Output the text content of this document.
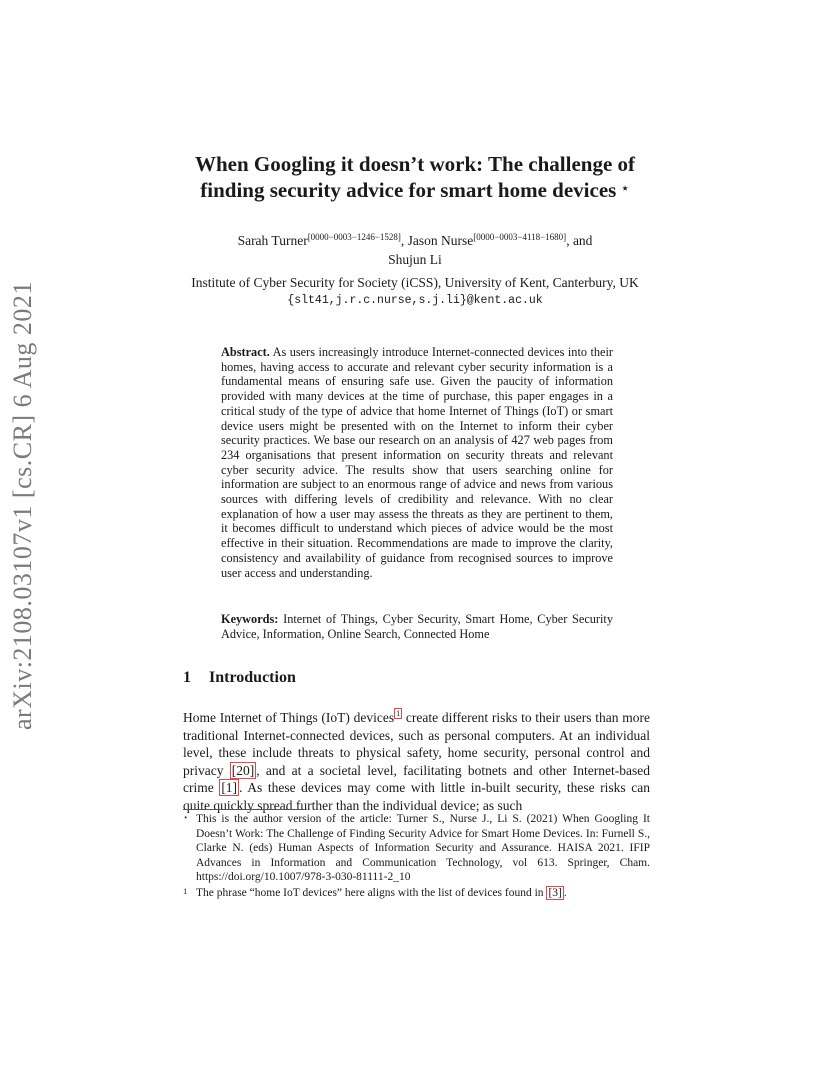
arXiv:2108.03107v1 [cs.CR] 6 Aug 2021
When Googling it doesn’t work: The challenge of
finding security advice for smart home devices ⋆
Sarah Turner[0000−0003−1246−1528], Jason Nurse[0000−0003−4118−1680], and
Shujun Li
Institute of Cyber Security for Society (iCSS), University of Kent, Canterbury, UK
{slt41,j.r.c.nurse,s.j.li}@kent.ac.uk
Abstract. As users increasingly introduce Internet-connected devices into their homes, having access to accurate and relevant cyber security information is a fundamental means of ensuring safe use. Given the paucity of information provided with many devices at the time of purchase, this paper engages in a critical study of the type of advice that home Internet of Things (IoT) or smart device users might be presented with on the Internet to inform their cyber security practices. We base our research on an analysis of 427 web pages from 234 organisations that present information on security threats and relevant cyber security advice. The results show that users searching online for information are subject to an enormous range of advice and news from various sources with differing levels of credibility and relevance. With no clear explanation of how a user may assess the threats as they are pertinent to them, it becomes difficult to understand which pieces of advice would be the most effective in their situation. Recommendations are made to improve the clarity, consistency and availability of guidance from recognised sources to improve user access and understanding.
Keywords: Internet of Things, Cyber Security, Smart Home, Cyber Security Advice, Information, Online Search, Connected Home
1 Introduction
Home Internet of Things (IoT) devices $^1$ create different risks to their users than more traditional Internet-connected devices, such as personal computers. At an individual level, these include threats to physical safety, home security, personal control and privacy [20] , and at a societal level, facilitating botnets and other Internet-based crime [1] . As these devices may come with little in-built security, these risks can quite quickly spread further than the individual device; as such
⋆ This is the author version of the article: Turner S., Nurse J., Li S. (2021) When Googling It Doesn’t Work: The Challenge of Finding Security Advice for Smart Home Devices. In: Furnell S., Clarke N. (eds) Human Aspects of Information Security and Assurance. HAISA 2021. IFIP Advances in Information and Communication Technology, vol 613. Springer, Cham. https://doi.org/10.1007/978-3-030-81111-2_10
1 The phrase “home IoT devices” here aligns with the list of devices found in [3] .
